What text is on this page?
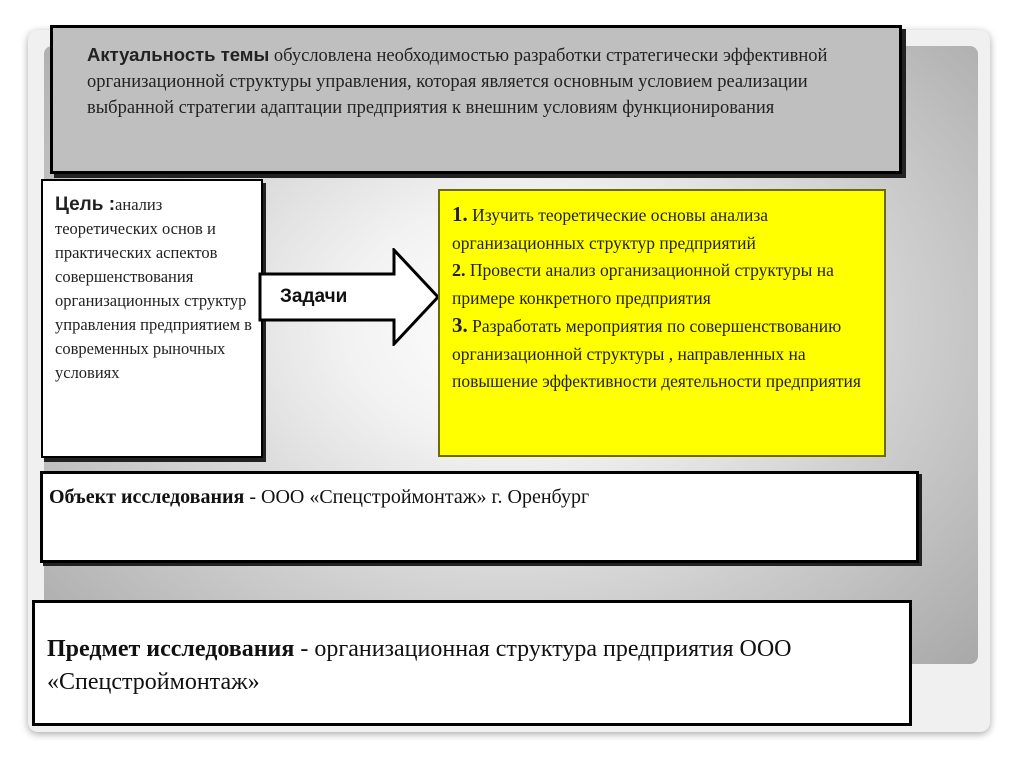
Актуальность темы обусловлена необходимостью разработки стратегически эффективной организационной структуры управления, которая является основным условием реализации выбранной стратегии адаптации предприятия к внешним условиям функционирования
Цель :анализ теоретических основ и практических аспектов совершенствования организационных структур управления предприятием в современных рыночных условиях
Задачи
1. Изучить теоретические основы анализа организационных структур предприятий
2. Провести анализ организационной структуры на примере конкретного предприятия
3. Разработать мероприятия по совершенствованию организационной структуры , направленных на повышение эффективности деятельности предприятия
Объект исследования - ООО «Спецстроймонтаж» г. Оренбург
Предмет исследования - организационная структура предприятия ООО «Спецстроймонтаж»
